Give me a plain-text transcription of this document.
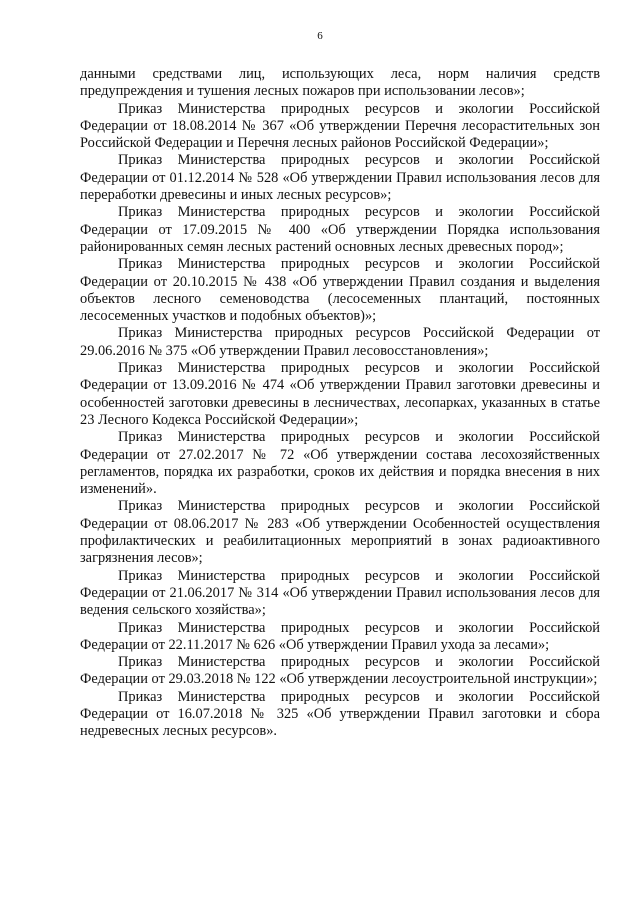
6

данными средствами лиц, использующих леса, норм наличия средств предупреждения и тушения лесных пожаров при использовании лесов»;

Приказ Министерства природных ресурсов и экологии Российской Федерации от 18.08.2014 № 367 «Об утверждении Перечня лесорастительных зон Российской Федерации и Перечня лесных районов Российской Федерации»;

Приказ Министерства природных ресурсов и экологии Российской Федерации от 01.12.2014 № 528 «Об утверждении Правил использования лесов для переработки древесины и иных лесных ресурсов»;

Приказ Министерства природных ресурсов и экологии Российской Федерации от 17.09.2015 № 400 «Об утверждении Порядка использования районированных семян лесных растений основных лесных древесных пород»;

Приказ Министерства природных ресурсов и экологии Российской Федерации от 20.10.2015 № 438 «Об утверждении Правил создания и выделения объектов лесного семеноводства (лесосеменных плантаций, постоянных лесосеменных участков и подобных объектов)»;

Приказ Министерства природных ресурсов Российской Федерации от 29.06.2016 № 375 «Об утверждении Правил лесовосстановления»;

Приказ Министерства природных ресурсов и экологии Российской Федерации от 13.09.2016 № 474 «Об утверждении Правил заготовки древесины и особенностей заготовки древесины в лесничествах, лесопарках, указанных в статье 23 Лесного Кодекса Российской Федерации»;

Приказ Министерства природных ресурсов и экологии Российской Федерации от 27.02.2017 № 72 «Об утверждении состава лесохозяйственных регламентов, порядка их разработки, сроков их действия и порядка внесения в них изменений».

Приказ Министерства природных ресурсов и экологии Российской Федерации от 08.06.2017 № 283 «Об утверждении Особенностей осуществления профилактических и реабилитационных мероприятий в зонах радиоактивного загрязнения лесов»;

Приказ Министерства природных ресурсов и экологии Российской Федерации от 21.06.2017 № 314 «Об утверждении Правил использования лесов для ведения сельского хозяйства»;

Приказ Министерства природных ресурсов и экологии Российской Федерации от 22.11.2017 № 626 «Об утверждении Правил ухода за лесами»;

Приказ Министерства природных ресурсов и экологии Российской Федерации от 29.03.2018 № 122 «Об утверждении лесоустроительной инструкции»;

Приказ Министерства природных ресурсов и экологии Российской Федерации от 16.07.2018 № 325 «Об утверждении Правил заготовки и сбора недревесных лесных ресурсов».
